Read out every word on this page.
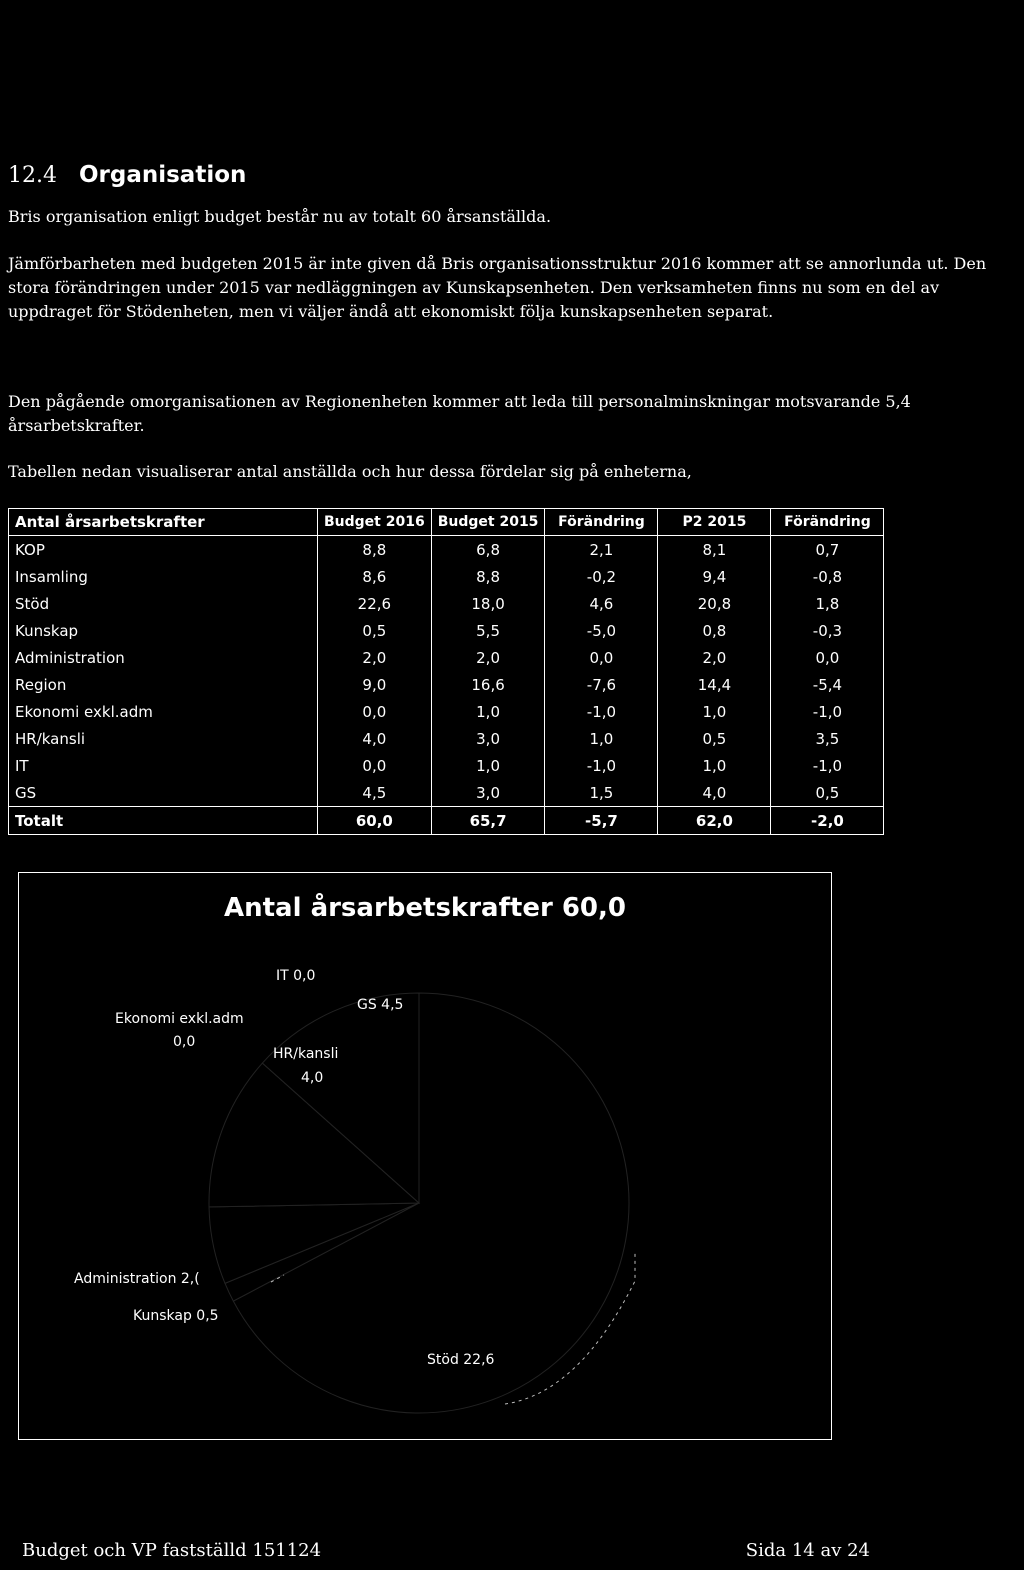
12.4 Organisation

Bris organisation enligt budget består nu av totalt 60 årsanställda.

Jämförbarheten med budgeten 2015 är inte given då Bris organisationsstruktur 2016 kommer att se annorlunda ut. Den stora förändringen under 2015 var nedläggningen av Kunskapsenheten. Den verksamheten finns nu som en del av uppdraget för Stödenheten, men vi väljer ändå att ekonomiskt följa kunskapsenheten separat.

Den pågående omorganisationen av Regionenheten kommer att leda till personalminskningar motsvarande 5,4 årsarbetskrafter.

Tabellen nedan visualiserar antal anställda och hur dessa fördelar sig på enheterna,

Antal årsarbetskrafter	Budget 2016	Budget 2015	Förändring	P2 2015	Förändring
KOP	8,8	6,8	2,1	8,1	0,7
Insamling	8,6	8,8	-0,2	9,4	-0,8
Stöd	22,6	18,0	4,6	20,8	1,8
Kunskap	0,5	5,5	-5,0	0,8	-0,3
Administration	2,0	2,0	0,0	2,0	0,0
Region	9,0	16,6	-7,6	14,4	-5,4
Ekonomi exkl.adm	0,0	1,0	-1,0	1,0	-1,0
HR/kansli	4,0	3,0	1,0	0,5	3,5
IT	0,0	1,0	-1,0	1,0	-1,0
GS	4,5	3,0	1,5	4,0	0,5
Totalt	60,0	65,7	-5,7	62,0	-2,0
Antal årsarbetskrafter 60,0
IT 0,0
GS 4,5
Ekonomi exkl.adm
0,0
HR/kansli
4,0
Administration 2,(
Kunskap 0,5
Stöd 22,6
Budget och VP fastställd 151124	Sida 14 av 24
